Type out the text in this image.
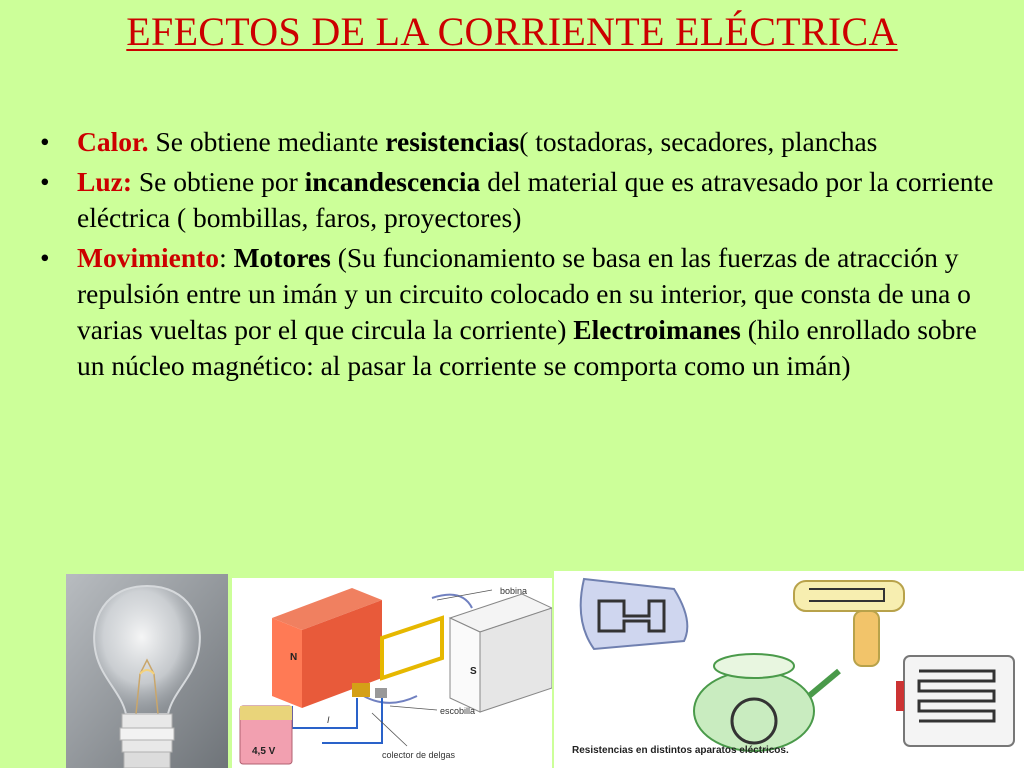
EFECTOS DE LA CORRIENTE ELÉCTRICA
• Calor. Se obtiene mediante resistencias( tostadoras, secadores, planchas
• Luz: Se obtiene por incandescencia del material que es atravesado por la corriente eléctrica ( bombillas, faros, proyectores)
• Movimiento: Motores (Su funcionamiento se basa en las fuerzas de atracción y repulsión entre un imán y un circuito colocado en su interior, que consta de una o varias vueltas por el que circula la corriente) Electroimanes (hilo enrollado sobre un núcleo magnético: al pasar la corriente se comporta como un imán)
N
S
bobina
escobilla
I
4,5 V	colector de delgas	Resistencias en distintos aparatos eléctricos.
